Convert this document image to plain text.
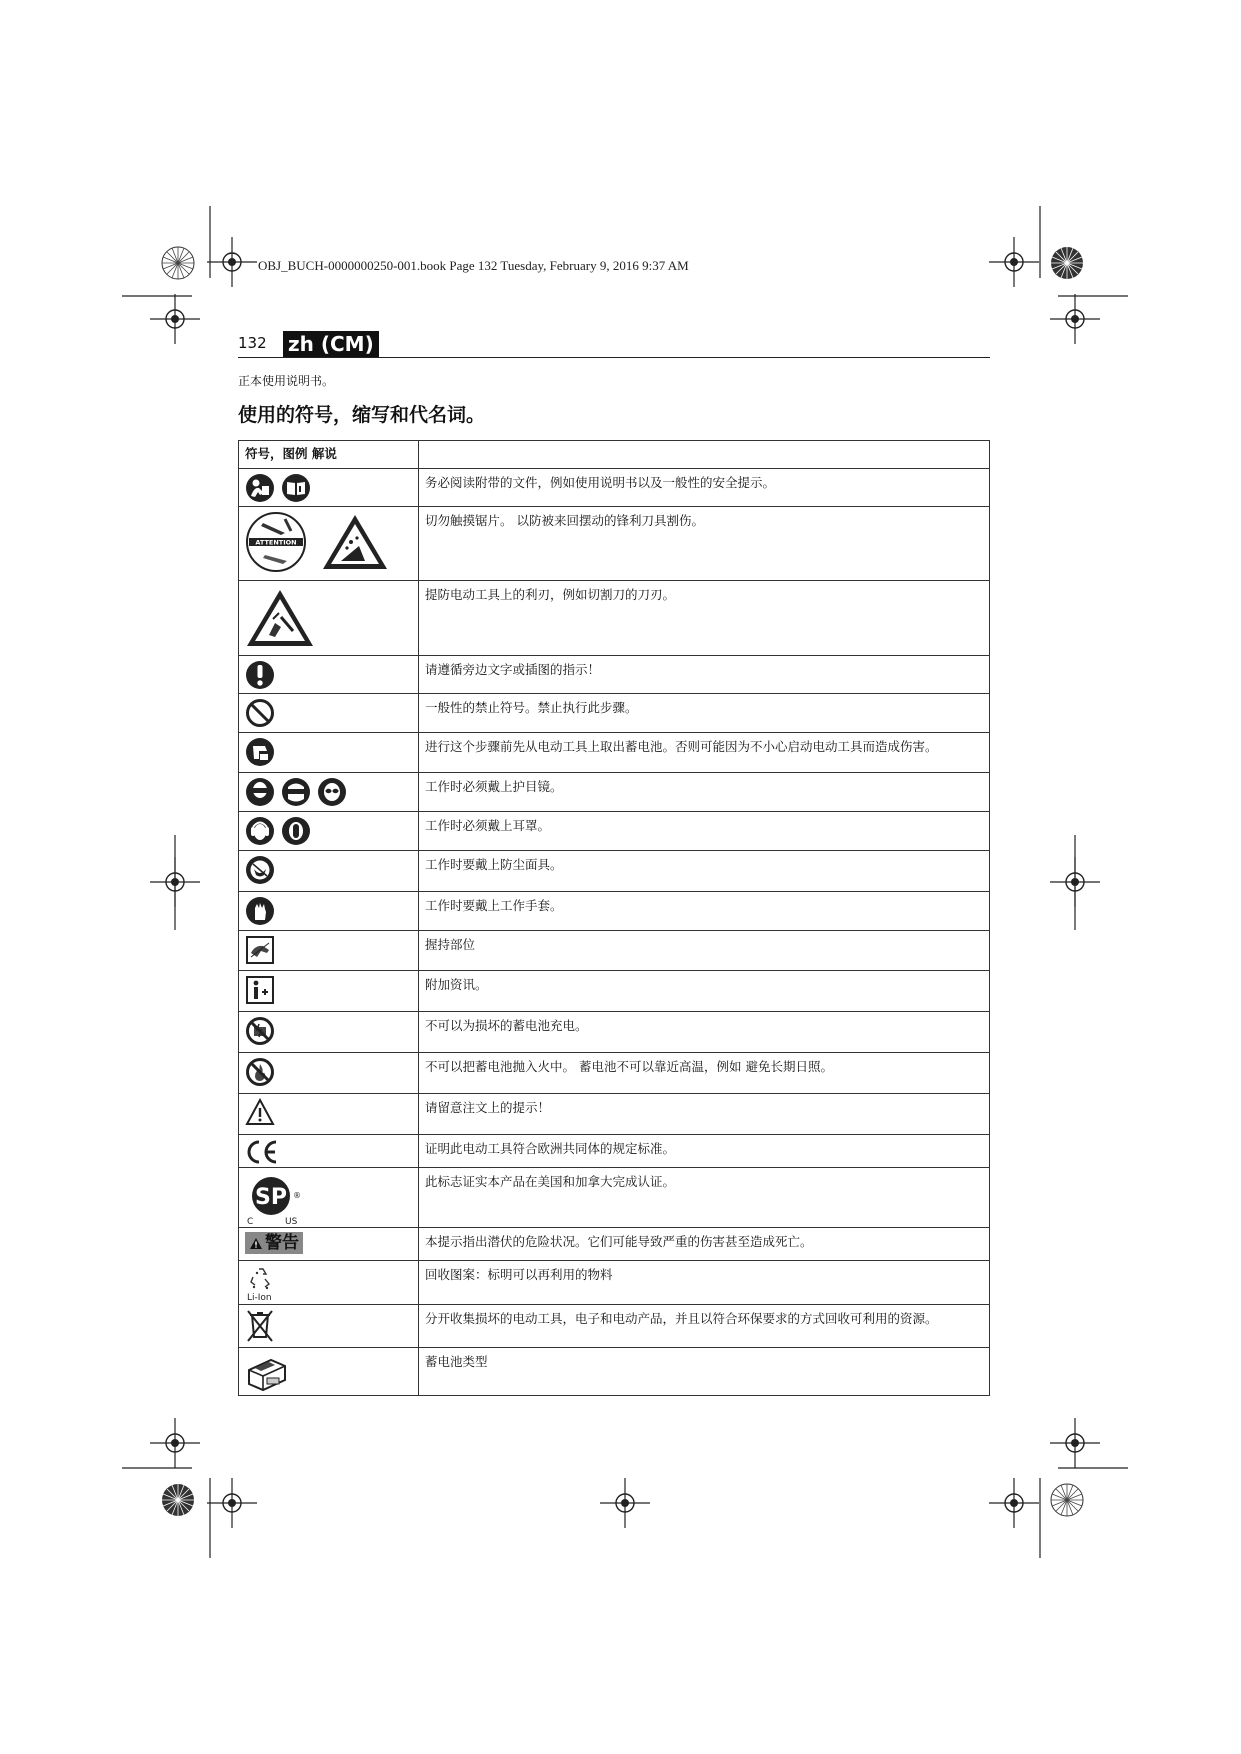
OBJ_BUCH-0000000250-001.book Page 132 Tuesday, February 9, 2016 9:37 AM
132 zh (CM)
正本使用说明书。
使用的符号，缩写和代名词。
符号，图例 解说	

	务必阅读附带的文件，例如使用说明书以及一般性的安全提示。

ATTENTION	切勿触摸锯片。 以防被来回摆动的锋利刀具割伤。

	提防电动工具上的利刃，例如切割刀的刀刃。

	请遵循旁边文字或插图的指示！

	一般性的禁止符号。禁止执行此步骤。

	进行这个步骤前先从电动工具上取出蓄电池。否则可能因为不小心启动电动工具而造成伤害。

	工作时必须戴上护目镜。

	工作时必须戴上耳罩。

	工作时要戴上防尘面具。

	工作时要戴上工作手套。

	握持部位

	附加资讯。

	不可以为损坏的蓄电池充电。

	不可以把蓄电池抛入火中。 蓄电池不可以靠近高温，例如 避免长期日照。

	请留意注文上的提示！

	证明此电动工具符合欧洲共同体的规定标准。

SP ®
C US	此标志证实本产品在美国和加拿大完成认证。

警告	本提示指出潜伏的危险状况。它们可能导致严重的伤害甚至造成死亡。

Li-Ion	回收图案：标明可以再利用的物料

	分开收集损坏的电动工具，电子和电动产品，并且以符合环保要求的方式回收可利用的资源。

	蓄电池类型
